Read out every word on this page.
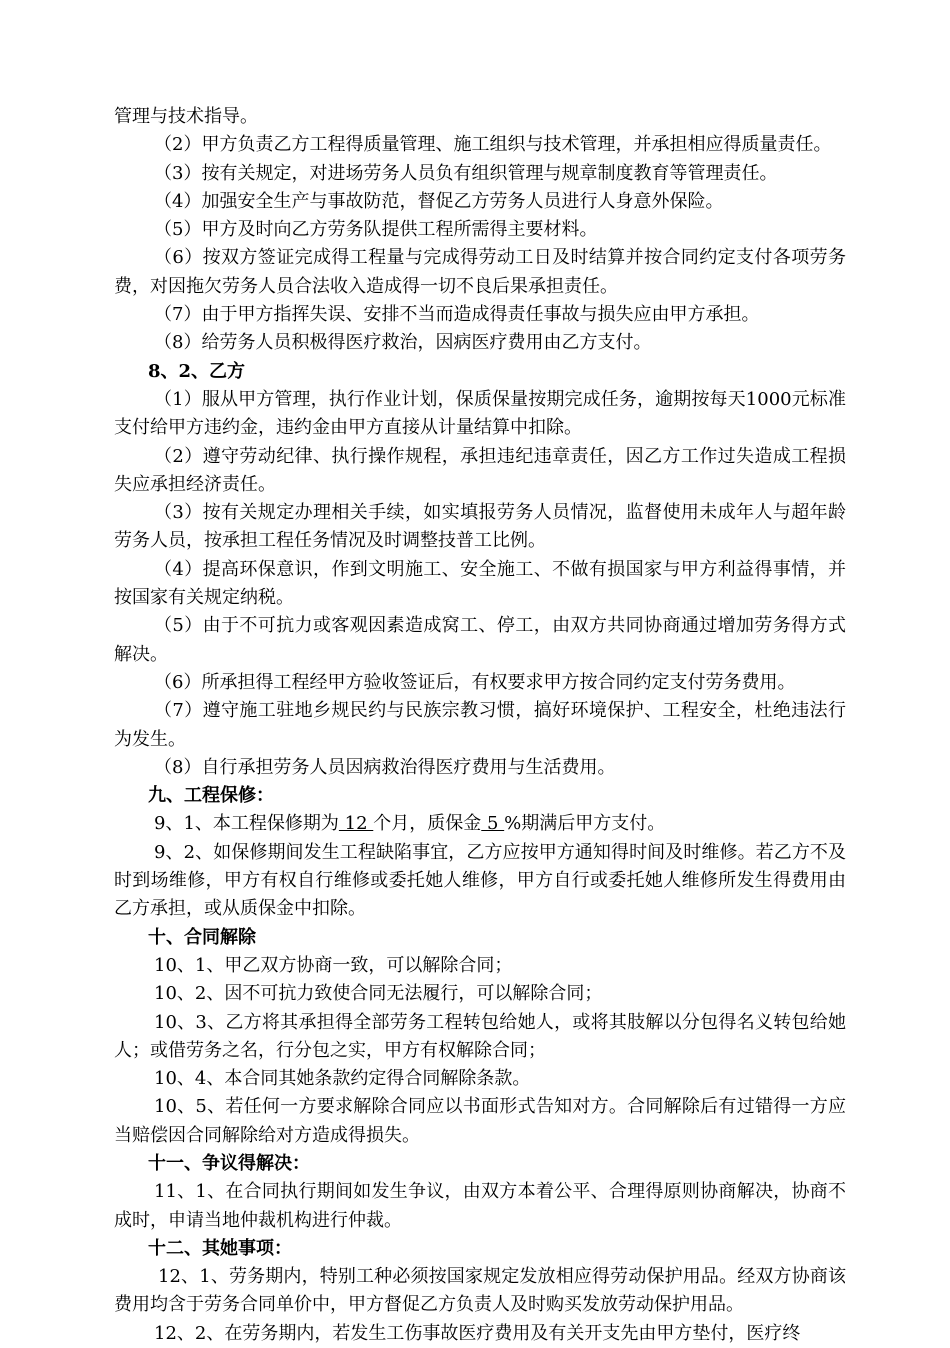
管理与技术指导。

（2）甲方负责乙方工程得质量管理、施工组织与技术管理，并承担相应得质量责任。

（3）按有关规定，对进场劳务人员负有组织管理与规章制度教育等管理责任。

（4）加强安全生产与事故防范，督促乙方劳务人员进行人身意外保险。

（5）甲方及时向乙方劳务队提供工程所需得主要材料。

（6）按双方签证完成得工程量与完成得劳动工日及时结算并按合同约定支付各项劳务费，对因拖欠劳务人员合法收入造成得一切不良后果承担责任。

（7）由于甲方指挥失误、安排不当而造成得责任事故与损失应由甲方承担。

（8）给劳务人员积极得医疗救治，因病医疗费用由乙方支付。

8、2、乙方

（1）服从甲方管理，执行作业计划，保质保量按期完成任务，逾期按每天1000元标准支付给甲方违约金，违约金由甲方直接从计量结算中扣除。

（2）遵守劳动纪律、执行操作规程，承担违纪违章责任，因乙方工作过失造成工程损失应承担经济责任。

（3）按有关规定办理相关手续，如实填报劳务人员情况，监督使用未成年人与超年龄劳务人员，按承担工程任务情况及时调整技普工比例。

（4）提高环保意识，作到文明施工、安全施工、不做有损国家与甲方利益得事情，并按国家有关规定纳税。

（5）由于不可抗力或客观因素造成窝工、停工，由双方共同协商通过增加劳务得方式解决。

（6）所承担得工程经甲方验收签证后，有权要求甲方按合同约定支付劳务费用。

（7）遵守施工驻地乡规民约与民族宗教习惯，搞好环境保护、工程安全，杜绝违法行为发生。

（8）自行承担劳务人员因病救治得医疗费用与生活费用。

九、工程保修：

9、1、本工程保修期为 12 个月，质保金 5 %期满后甲方支付。

9、2、如保修期间发生工程缺陷事宜，乙方应按甲方通知得时间及时维修。若乙方不及时到场维修，甲方有权自行维修或委托她人维修，甲方自行或委托她人维修所发生得费用由乙方承担，或从质保金中扣除。

十、合同解除

10、1、甲乙双方协商一致，可以解除合同；

10、2、因不可抗力致使合同无法履行，可以解除合同；

10、3、乙方将其承担得全部劳务工程转包给她人，或将其肢解以分包得名义转包给她人；或借劳务之名，行分包之实，甲方有权解除合同；

10、4、本合同其她条款约定得合同解除条款。

10、5、若任何一方要求解除合同应以书面形式告知对方。合同解除后有过错得一方应当赔偿因合同解除给对方造成得损失。

十一、争议得解决：

11、1、在合同执行期间如发生争议，由双方本着公平、合理得原则协商解决，协商不成时，申请当地仲裁机构进行仲裁。

十二、其她事项：

12、1、劳务期内，特别工种必须按国家规定发放相应得劳动保护用品。经双方协商该费用均含于劳务合同单价中，甲方督促乙方负责人及时购买发放劳动保护用品。

12、2、在劳务期内，若发生工伤事故医疗费用及有关开支先由甲方垫付，医疗终
